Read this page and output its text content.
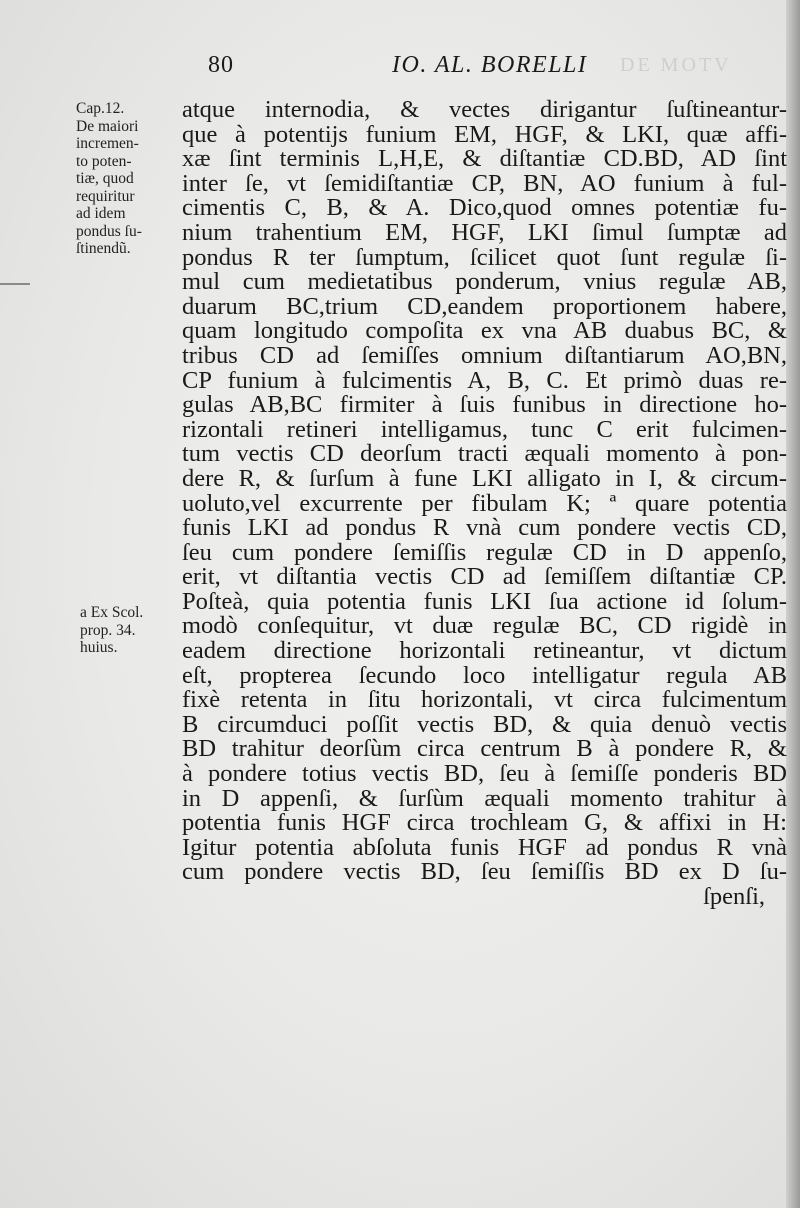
80	IO. AL. BORELLI DE MOTV
Cap.12.
De maiori
incremen-
to poten-
tiæ, quod
requiritur
ad idem
pondus ſu-
ſtinendũ.
a Ex Scol.
prop. 34.
huius.
atque internodia, & vectes dirigantur ſuſtineantur-
que à potentijs funium EM, HGF, & LKI, quæ affi-
xæ ſint terminis L,H,E, & diſtantiæ CD.BD, AD ſint
inter ſe, vt ſemidiſtantiæ CP, BN, AO funium à ful-
cimentis C, B, & A. Dico,quod omnes potentiæ fu-
nium trahentium EM, HGF, LKI ſimul ſumptæ ad
pondus R ter ſumptum, ſcilicet quot ſunt regulæ ſi-
mul cum medietatibus ponderum, vnius regulæ AB,
duarum BC,trium CD,eandem proportionem habere,
quam longitudo compoſita ex vna AB duabus BC, &
tribus CD ad ſemiſſes omnium diſtantiarum AO,BN,
CP funium à fulcimentis A, B, C. Et primò duas re-
gulas AB,BC firmiter à ſuis funibus in directione ho-
rizontali retineri intelligamus, tunc C erit fulcimen-
tum vectis CD deorſum tracti æquali momento à pon-
dere R, & ſurſum à fune LKI alligato in I, & circum-
uoluto,vel excurrente per fibulam K; ª quare potentia
funis LKI ad pondus R vnà cum pondere vectis CD,
ſeu cum pondere ſemiſſis regulæ CD in D appenſo,
erit, vt diſtantia vectis CD ad ſemiſſem diſtantiæ CP.
Poſteà, quia potentia funis LKI ſua actione id ſolum-
modò conſequitur, vt duæ regulæ BC, CD rigidè in
eadem directione horizontali retineantur, vt dictum
eſt, propterea ſecundo loco intelligatur regula AB
fixè retenta in ſitu horizontali, vt circa fulcimentum
B circumduci poſſit vectis BD, & quia denuò vectis
BD trahitur deorſùm circa centrum B à pondere R, &
à pondere totius vectis BD, ſeu à ſemiſſe ponderis BD
in D appenſi, & ſurſùm æquali momento trahitur à
potentia funis HGF circa trochleam G, & affixi in H:
Igitur potentia abſoluta funis HGF ad pondus R vnà
cum pondere vectis BD, ſeu ſemiſſis BD ex D ſu-
ſpenſi,
